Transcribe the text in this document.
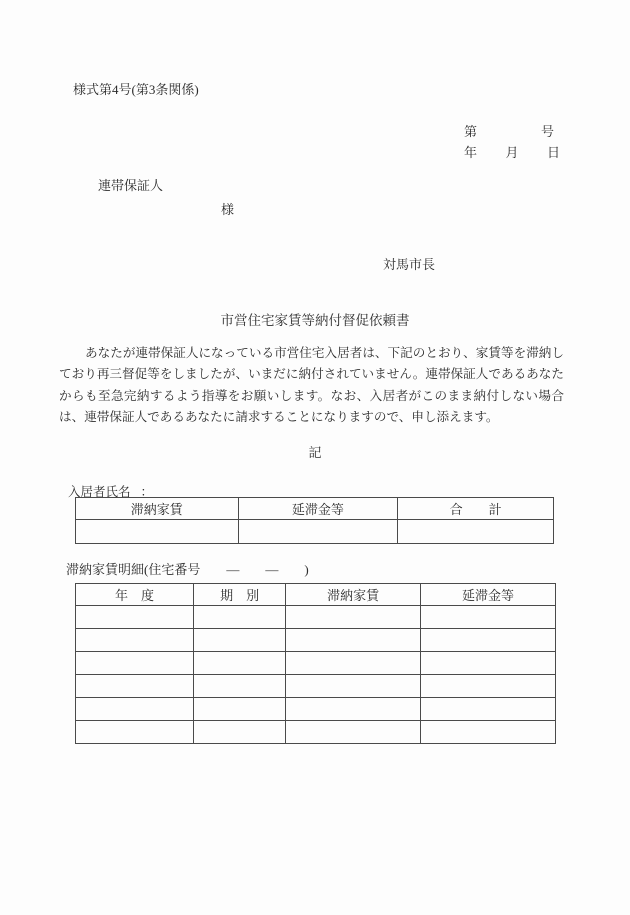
様式第4号(第3条関係)
第	号
年 月 日
連帯保証人
様
対馬市長
市営住宅家賃等納付督促依頼書
あなたが連帯保証人になっている市営住宅入居者は、下記のとおり、家賃等を滞納しており再三督促等をしましたが、いまだに納付されていません。連帯保証人であるあなたからも至急完納するよう指導をお願いします。なお、入居者がこのまま納付しない場合は、連帯保証人であるあなたに請求することになりますので、申し添えます。
記
入居者氏名 ：
滞納家賃	延滞金等	合　　計

滞納家賃明細(住宅番号　　―　　―　　)
年　度	期　別	滞納家賃	延滞金等
